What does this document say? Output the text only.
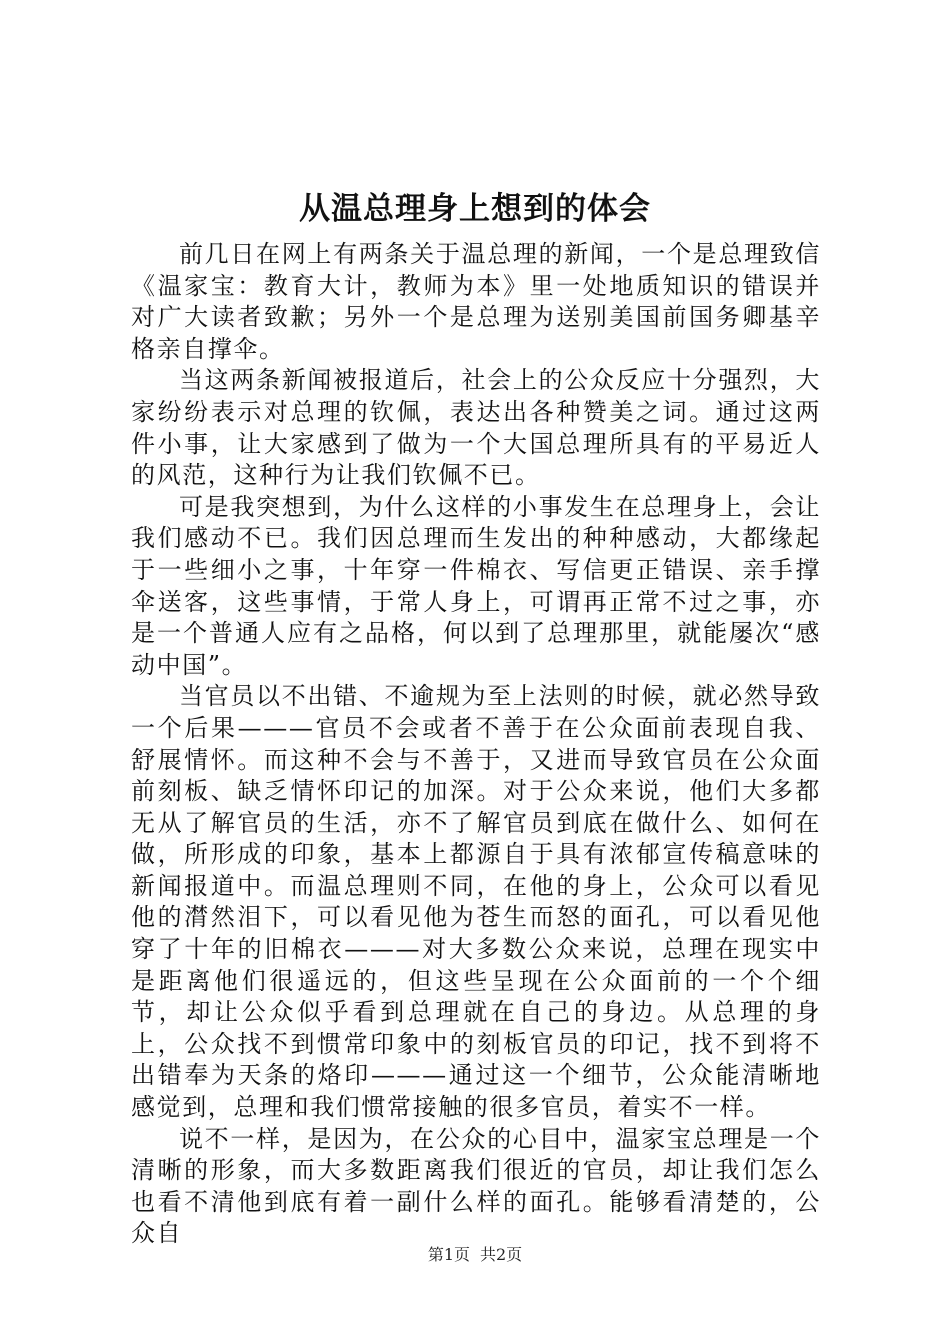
从温总理身上想到的体会

前几日在网上有两条关于温总理的新闻，一个是总理致信《温家宝：教育大计，教师为本》里一处地质知识的错误并对广大读者致歉；另外一个是总理为送别美国前国务卿基辛格亲自撑伞。

当这两条新闻被报道后，社会上的公众反应十分强烈，大家纷纷表示对总理的钦佩，表达出各种赞美之词。通过这两件小事，让大家感到了做为一个大国总理所具有的平易近人的风范，这种行为让我们钦佩不已。

可是我突想到，为什么这样的小事发生在总理身上，会让我们感动不已。我们因总理而生发出的种种感动，大都缘起于一些细小之事，十年穿一件棉衣、写信更正错误、亲手撑伞送客，这些事情，于常人身上，可谓再正常不过之事，亦是一个普通人应有之品格，何以到了总理那里，就能屡次“感动中国”。

当官员以不出错、不逾规为至上法则的时候，就必然导致一个后果———官员不会或者不善于在公众面前表现自我、舒展情怀。而这种不会与不善于，又进而导致官员在公众面前刻板、缺乏情怀印记的加深。对于公众来说，他们大多都无从了解官员的生活，亦不了解官员到底在做什么、如何在做，所形成的印象，基本上都源自于具有浓郁宣传稿意味的新闻报道中。而温总理则不同，在他的身上，公众可以看见他的潸然泪下，可以看见他为苍生而怒的面孔，可以看见他穿了十年的旧棉衣———对大多数公众来说，总理在现实中是距离他们很遥远的，但这些呈现在公众面前的一个个细节，却让公众似乎看到总理就在自己的身边。从总理的身上，公众找不到惯常印象中的刻板官员的印记，找不到将不出错奉为天条的烙印———通过这一个细节，公众能清晰地感觉到，总理和我们惯常接触的很多官员，着实不一样。

说不一样，是因为，在公众的心目中，温家宝总理是一个清晰的形象，而大多数距离我们很近的官员，却让我们怎么也看不清他到底有着一副什么样的面孔。能够看清楚的，公众自

第1页 共2页
